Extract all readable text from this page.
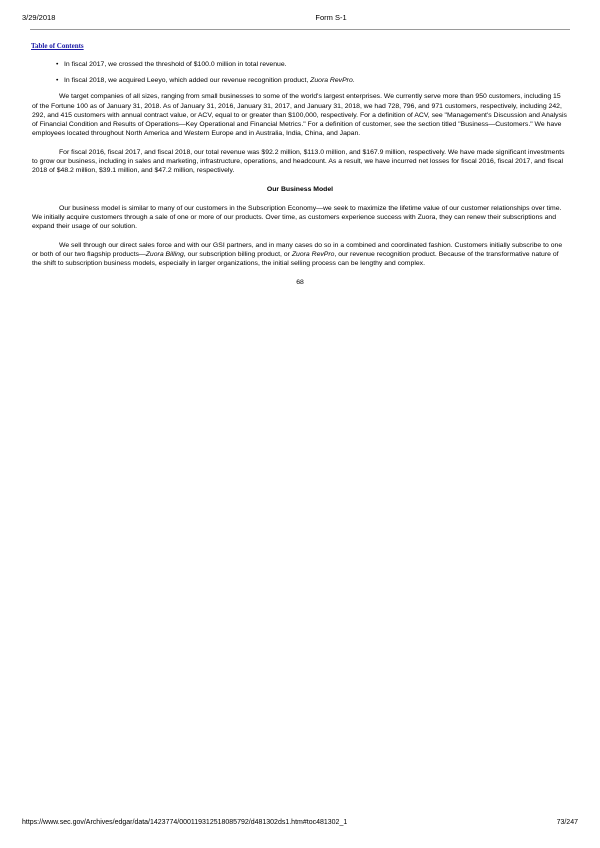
3/29/2018	Form S-1
Table of Contents
• In fiscal 2017, we crossed the threshold of $100.0 million in total revenue.
• In fiscal 2018, we acquired Leeyo, which added our revenue recognition product, Zuora RevPro.

We target companies of all sizes, ranging from small businesses to some of the world's largest enterprises. We currently serve more than 950 customers, including 15 of the Fortune 100 as of January 31, 2018. As of January 31, 2016, January 31, 2017, and January 31, 2018, we had 728, 796, and 971 customers, respectively, including 242, 292, and 415 customers with annual contract value, or ACV, equal to or greater than $100,000, respectively. For a definition of ACV, see "Management's Discussion and Analysis of Financial Condition and Results of Operations—Key Operational and Financial Metrics." For a definition of customer, see the section titled "Business—Customers." We have employees located throughout North America and Western Europe and in Australia, India, China, and Japan.

For fiscal 2016, fiscal 2017, and fiscal 2018, our total revenue was $92.2 million, $113.0 million, and $167.9 million, respectively. We have made significant investments to grow our business, including in sales and marketing, infrastructure, operations, and headcount. As a result, we have incurred net losses for fiscal 2016, fiscal 2017, and fiscal 2018 of $48.2 million, $39.1 million, and $47.2 million, respectively.

Our Business Model

Our business model is similar to many of our customers in the Subscription Economy—we seek to maximize the lifetime value of our customer relationships over time. We initially acquire customers through a sale of one or more of our products. Over time, as customers experience success with Zuora, they can renew their subscriptions and expand their usage of our solution.

We sell through our direct sales force and with our GSI partners, and in many cases do so in a combined and coordinated fashion. Customers initially subscribe to one or both of our two flagship products—Zuora Billing, our subscription billing product, or Zuora RevPro, our revenue recognition product. Because of the transformative nature of the shift to subscription business models, especially in larger organizations, the initial selling process can be lengthy and complex.

68
https://www.sec.gov/Archives/edgar/data/1423774/000119312518085792/d481302ds1.htm#toc481302_1	73/247
